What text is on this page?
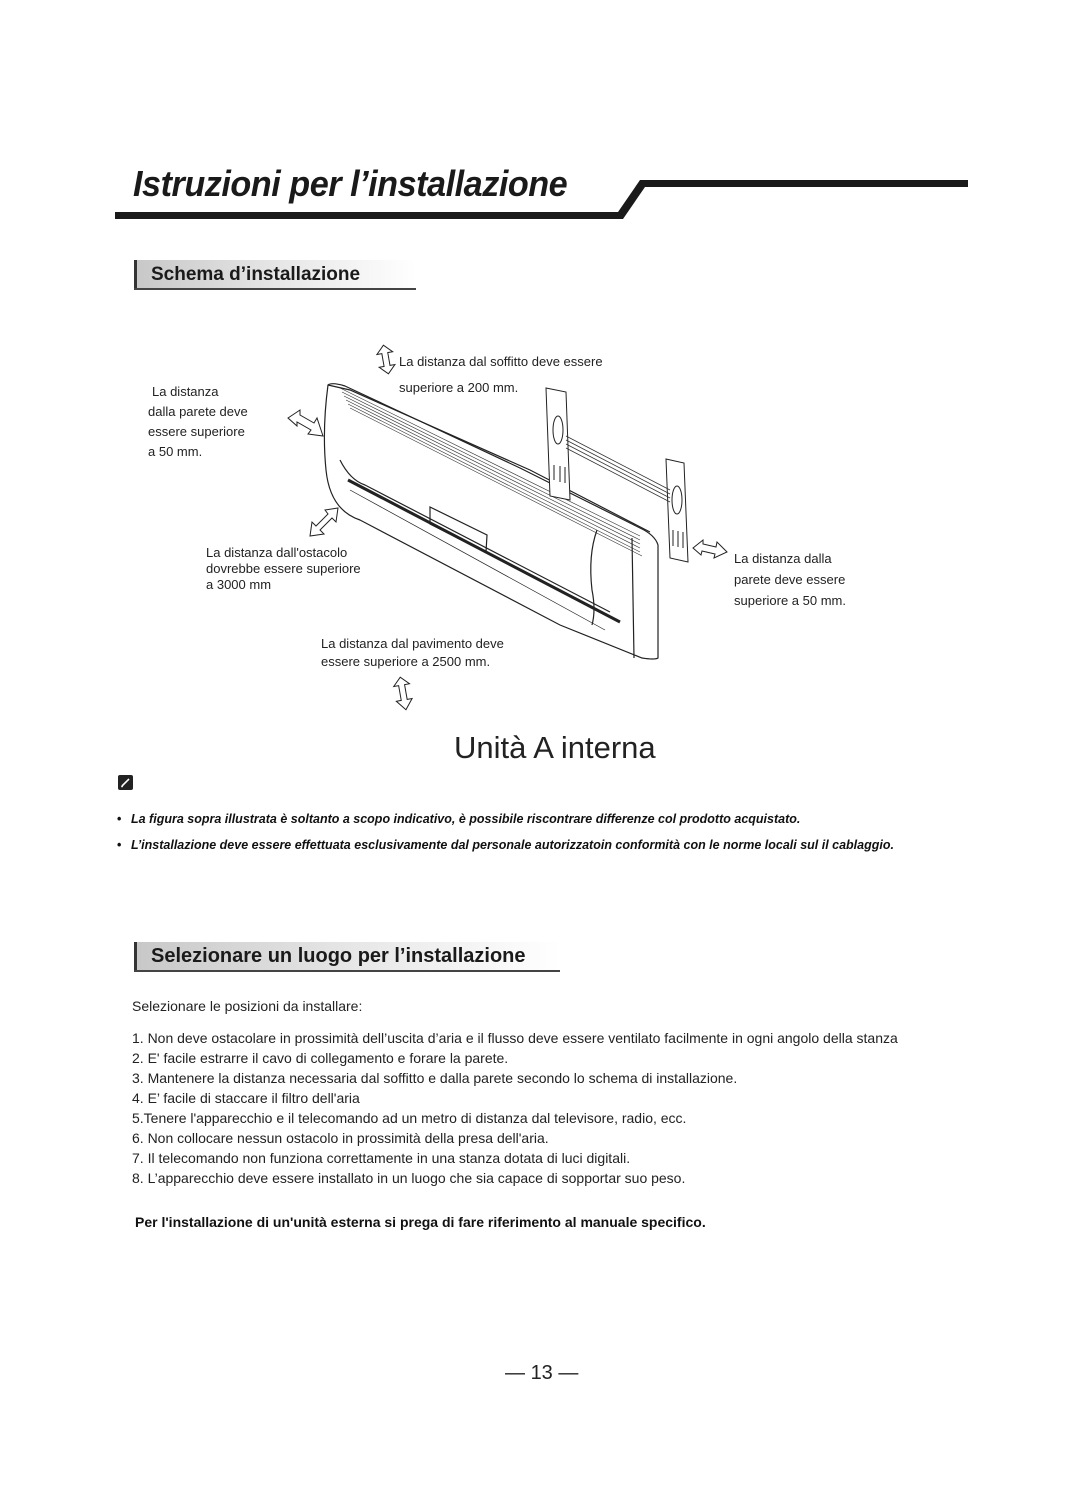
Istruzioni per l’installazione
Schema d’installazione
La distanza dal soffitto deve essere
superiore a 200 mm.
La distanza
dalla parete deve
essere superiore
a 50 mm.
La distanza dall'ostacolo
dovrebbe essere superiore
a 3000 mm
La distanza dal pavimento deve
essere superiore a 2500 mm.
La distanza dalla
parete deve essere
superiore a 50 mm.
Unità A interna
• La figura sopra illustrata è soltanto a scopo indicativo, è possibile riscontrare differenze col prodotto acquistato.
• L’installazione deve essere effettuata esclusivamente dal personale autorizzatoin conformità con le norme locali sul il cablaggio.
Selezionare un luogo per l’installazione
Selezionare le posizioni da installare:
1. Non deve ostacolare in prossimità dell’uscita d’aria e il flusso deve essere ventilato facilmente in ogni angolo della stanza
2. E' facile estrarre il cavo di collegamento e forare la parete.
3. Mantenere la distanza necessaria dal soffitto e dalla parete secondo lo schema di installazione.
4. E’ facile di staccare il filtro dell'aria
5.Tenere l'apparecchio e il telecomando ad un metro di distanza dal televisore, radio, ecc.
6. Non collocare nessun ostacolo in prossimità della presa dell'aria.
7. Il telecomando non funziona correttamente in una stanza dotata di luci digitali.
8. L’apparecchio deve essere installato in un luogo che sia capace di sopportar suo peso.
Per l'installazione di un'unità esterna si prega di fare riferimento al manuale specifico.
— 13 —
